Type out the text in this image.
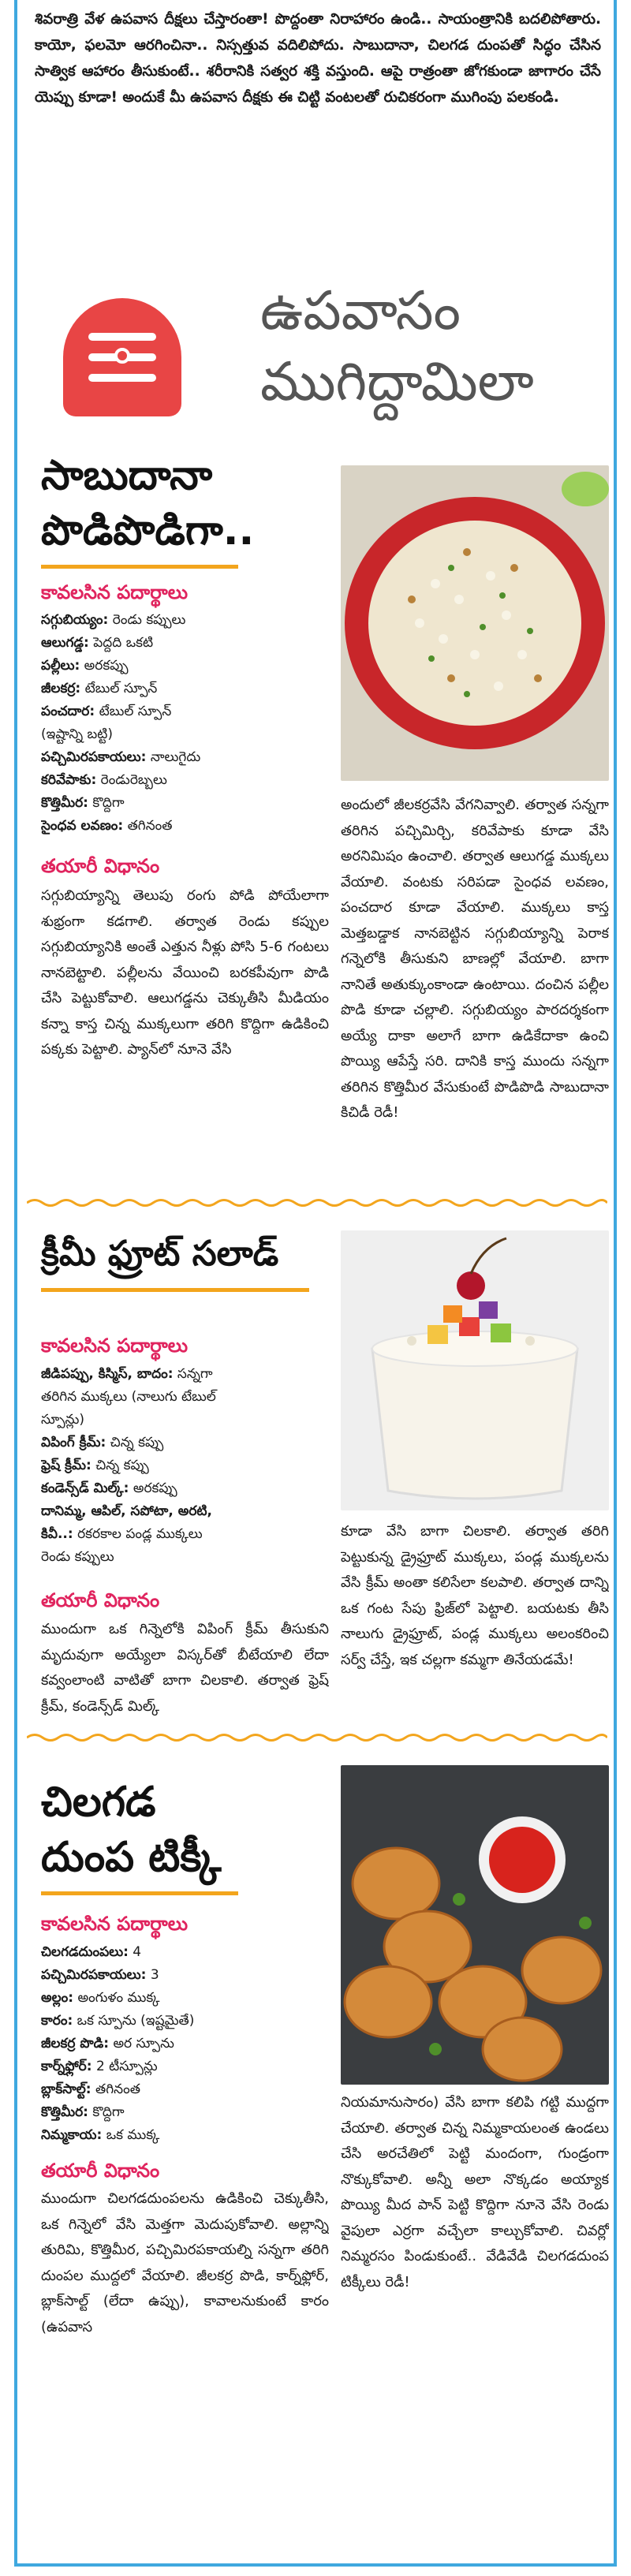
శివరాత్రి వేళ ఉపవాస దీక్షలు చేస్తారంతా! పొద్దంతా నిరాహారం ఉండి.. సాయంత్రానికి బదలిపోతారు. కాయో, ఫలమో ఆరగించినా.. నిస్సత్తువ వదిలిపోదు. సాబుదానా, చిలగడ దుంపతో సిద్ధం చేసిన సాత్విక ఆహారం తీసుకుంటే.. శరీరానికి సత్వర శక్తి వస్తుంది. ఆపై రాత్రంతా జోగకుండా జాగారం చేసే యెప్పు కూడా! అందుకే మీ ఉపవాస దీక్షకు ఈ చిట్టి వంటలతో రుచికరంగా ముగింపు పలకండి.
ఉపవాసం
ముగిద్దామిలా
సాబుదానా
పొడిపొడిగా..
కావలసిన పదార్థాలు
సగ్గుబియ్యం: రెండు కప్పులు
ఆలుగడ్డ: పెద్దది ఒకటి
పల్లీలు: అరకప్పు
జీలకర్ర: టేబుల్‌ స్పూన్‌
పంచదార: టేబుల్‌ స్పూన్‌
(ఇష్టాన్ని బట్టి)
పచ్చిమిరపకాయలు: నాలుగైదు
కరివేపాకు: రెండురెబ్బలు
కొత్తిమీర: కొద్దిగా
సైంధవ లవణం: తగినంత
తయారీ విధానం
సగ్గుబియ్యాన్ని తెలుపు రంగు పోడి పోయేలాగా శుభ్రంగా కడగాలి. తర్వాత రెండు కప్పుల సగ్గుబియ్యానికి అంతే ఎత్తున నీళ్లు పోసి 5-6 గంటలు నానబెట్టాలి. పల్లీలను వేయించి బరకపీవుగా పొడి చేసి పెట్టుకోవాలి. ఆలుగడ్డను చెక్కుతీసి మీడియం కన్నా కాస్త చిన్న ముక్కలుగా తరిగి కొద్దిగా ఉడికించి పక్కకు పెట్టాలి. ప్యాన్‌లో నూనె వేసి
అందులో జీలకర్రవేసి వేగనివ్వాలి. తర్వాత సన్నగా తరిగిన పచ్చిమిర్చి, కరివేపాకు కూడా వేసి అరనిమిషం ఉంచాలి. తర్వాత ఆలుగడ్డ ముక్కలు వేయాలి. వంటకు సరిపడా సైంధవ లవణం, పంచదార కూడా వేయాలి. ముక్కలు కాస్త మెత్తబడ్డాక నానబెట్టిన సగ్గుబియ్యాన్ని పెరాక గన్నెలోకి తీసుకుని బాణల్లో వేయాలి. బాగా నానితే అతుక్కుంకాండా ఉంటాయి. దంచిన పల్లీల పొడి కూడా చల్లాలి. సగ్గుబియ్యం పారదర్శకంగా అయ్యే దాకా అలాగే బాగా ఉడికేదాకా ఉంచి పొయ్యి ఆపేస్తే సరి. దానికి కాస్త ముందు సన్నగా తరిగిన కొత్తిమీర వేసుకుంటే పొడిపొడి సాబుదానా కిచిడీ రెడీ!
క్రీమీ ఫ్రూట్‌ సలాడ్‌
కావలసిన పదార్థాలు
జీడిపప్పు, కిస్మిస్‌, బాదం: సన్నగా
తరిగిన ముక్కలు (నాలుగు టేబుల్‌
స్పూన్లు)
విపింగ్‌ క్రీమ్‌: చిన్న కప్పు
ఫ్రెష్‌ క్రీమ్‌: చిన్న కప్పు
కండెన్స్‌డ్‌ మిల్క్‌: అరకప్పు
దానిమ్మ, ఆపిల్‌, సపోటా, అరటి,
కివీ..: రకరకాల పండ్ల ముక్కలు
రెండు కప్పులు
తయారీ విధానం
ముందుగా ఒక గిన్నెలోకి విపింగ్‌ క్రీమ్‌ తీసుకుని మృదువుగా అయ్యేలా విస్కర్‌తో బీటేయాలి లేదా కవ్వంలాంటి వాటితో బాగా చిలకాలి. తర్వాత ఫ్రెష్‌ క్రీమ్‌, కండెన్స్‌డ్‌ మిల్క్‌
కూడా వేసి బాగా చిలకాలి. తర్వాత తరిగి పెట్టుకున్న డ్రైఫ్రూట్‌ ముక్కలు, పండ్ల ముక్కలను వేసి క్రీమ్‌ అంతా కలిసేలా కలపాలి. తర్వాత దాన్ని ఒక గంట సేపు ఫ్రిజ్‌లో పెట్టాలి. బయటకు తీసి నాలుగు డ్రైఫ్రూట్‌, పండ్ల ముక్కలు అలంకరించి సర్వ్‌ చేస్తే, ఇక చల్లగా కమ్మగా తినేయడమే!
చిలగడ
దుంప టిక్కీ
కావలసిన పదార్థాలు
చిలగడదుంపలు: 4
పచ్చిమిరపకాయలు: 3
అల్లం: అంగుళం ముక్క
కారం: ఒక స్పూను (ఇష్టమైతే)
జీలకర్ర పొడి: అర స్పూను
కార్న్‌ఫ్లోర్‌: 2 టీస్పూన్లు
బ్లాక్‌సాల్ట్‌: తగినంత
కొత్తిమీర: కొద్దిగా
నిమ్మకాయ: ఒక ముక్క
తయారీ విధానం
ముందుగా చిలగడదుంపలను ఉడికించి చెక్కుతీసి, ఒక గిన్నెలో వేసి మెత్తగా మెదుపుకోవాలి. అల్లాన్ని తురిమి, కొత్తిమీర, పచ్చిమిరపకాయల్ని సన్నగా తరిగి దుంపల ముద్దలో వేయాలి. జీలకర్ర పొడి, కార్న్‌ఫ్లోర్‌, బ్లాక్‌సాల్ట్‌ (లేదా ఉప్పు), కావాలనుకుంటే కారం (ఉపవాస
నియమానుసారం) వేసి బాగా కలిపి గట్టి ముద్దగా చేయాలి. తర్వాత చిన్న నిమ్మకాయలంత ఉండలు చేసి అరచేతిలో పెట్టి మందంగా, గుండ్రంగా నొక్కుకోవాలి. అన్నీ అలా నొక్కడం అయ్యాక పొయ్యి మీద పాన్‌ పెట్టి కొద్దిగా నూనె వేసి రెండు వైపులా ఎర్రగా వచ్చేలా కాల్చుకోవాలి. చివర్లో నిమ్మరసం పిండుకుంటే.. వేడివేడి చిలగడదుంప టిక్కీలు రెడీ!
